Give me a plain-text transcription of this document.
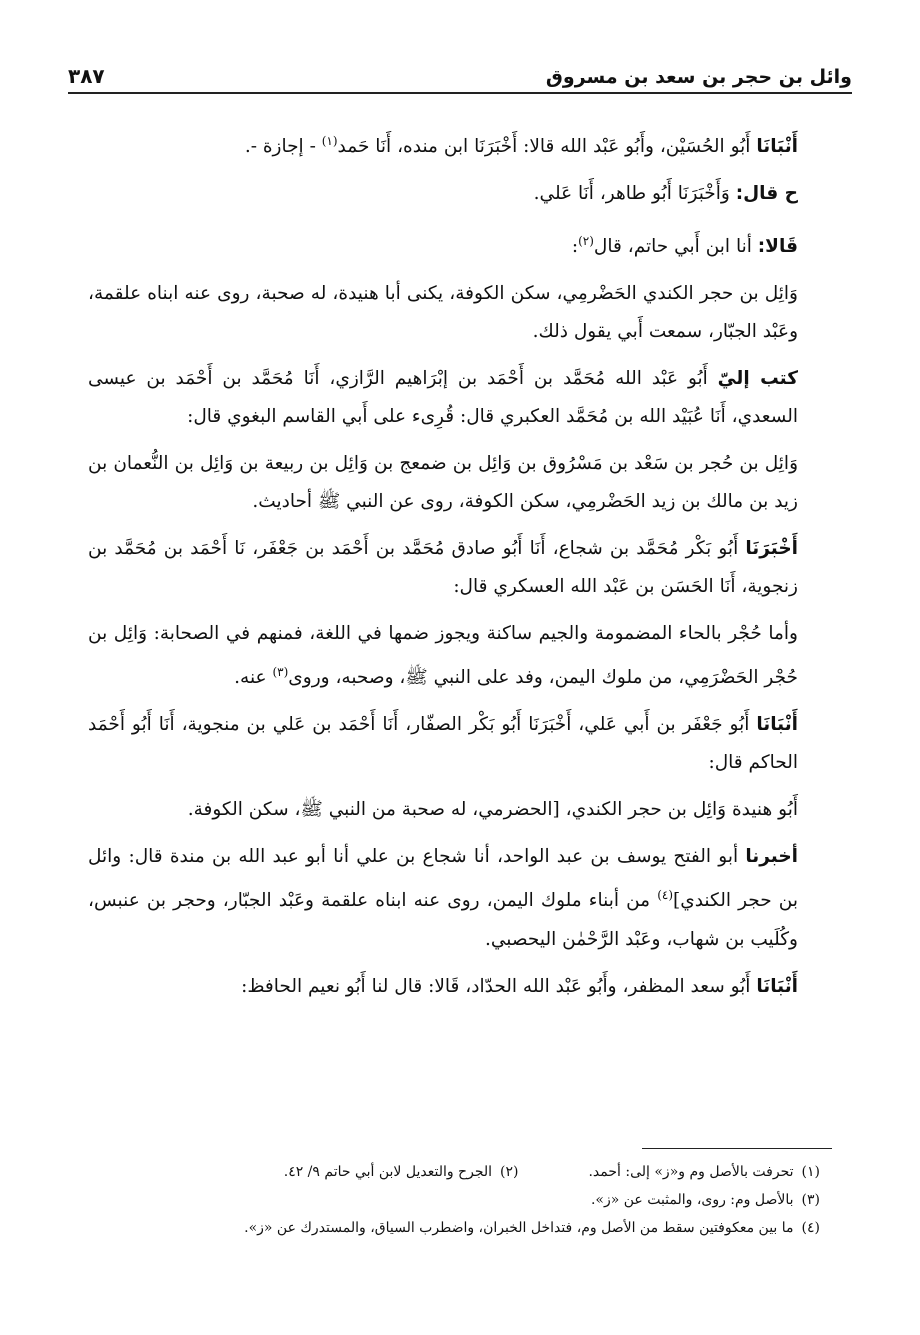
وائل بن حجر بن سعد بن مسروق
٣٨٧

أَنْبَانَا أَبُو الحُسَيْن، وأَبُو عَبْد الله قالا: أَخْبَرَنَا ابن منده، أَنَا حَمد$^{(١)}$ - إجازة -.

ح قال: وَأَخْبَرَنَا أَبُو طاهر، أَنَا عَلي.

قَالا: أنا ابن أَبي حاتم، قال$^{(٢)}$:

وَائِل بن حجر الكندي الحَضْرمِي، سكن الكوفة، يكنى أبا هنيدة، له صحبة، روى عنه ابناه علقمة، وعَبْد الجبّار، سمعت أَبي يقول ذلك.

كتب إليّ أَبُو عَبْد الله مُحَمَّد بن أَحْمَد بن إبْرَاهيم الرَّازي، أَنَا مُحَمَّد بن أَحْمَد بن عيسى السعدي، أَنَا عُبَيْد الله بن مُحَمَّد العكبري قال: قُرِىء على أَبي القاسم البغوي قال:

وَائِل بن حُجر بن سَعْد بن مَسْرُوق بن وَائِل بن ضمعج بن وَائِل بن ربيعة بن وَائِل بن النُّعمان بن زيد بن مالك بن زيد الحَضْرمِي، سكن الكوفة، روى عن النبي ﷺ أحاديث.

أَخْبَرَنَا أَبُو بَكْر مُحَمَّد بن شجاع، أَنَا أَبُو صادق مُحَمَّد بن أَحْمَد بن جَعْفَر، نَا أَحْمَد بن مُحَمَّد بن زنجوية، أَنَا الحَسَن بن عَبْد الله العسكري قال:

وأما حُجْر بالحاء المضمومة والجيم ساكنة ويجوز ضمها في اللغة، فمنهم في الصحابة: وَائِل بن حُجْر الحَضْرَمِي، من ملوك اليمن، وفد على النبي ﷺ، وصحبه، وروى$^{(٣)}$ عنه.

أَنْبَانَا أَبُو جَعْفَر بن أَبي عَلي، أَخْبَرَنَا أَبُو بَكْر الصفّار، أَنَا أَحْمَد بن عَلي بن منجوية، أَنَا أَبُو أَحْمَد الحاكم قال:

أَبُو هنيدة وَائِل بن حجر الكندي، [الحضرمي، له صحبة من النبي ﷺ، سكن الكوفة.

أخبرنا أبو الفتح يوسف بن عبد الواحد، أنا شجاع بن علي أنا أبو عبد الله بن مندة قال: وائل بن حجر الكندي]$^{(٤)}$ من أبناء ملوك اليمن، روى عنه ابناه علقمة وعَبْد الجبّار، وحجر بن عنبس، وكُلَيب بن شهاب، وعَبْد الرَّحْمٰن اليحصبي.

أَنْبَانَا أَبُو سعد المظفر، وأَبُو عَبْد الله الحدّاد، قَالا: قال لنا أَبُو نعيم الحافظ:

(١)تحرفت بالأصل وم و«ز» إلى: أحمد.
(٢)الجرح والتعديل لابن أبي حاتم ٩/ ٤٢.
(٣)بالأصل وم: روى، والمثبت عن «ز».
(٤)ما بين معكوفتين سقط من الأصل وم، فتداخل الخبران، واضطرب السياق، والمستدرك عن «ز».
